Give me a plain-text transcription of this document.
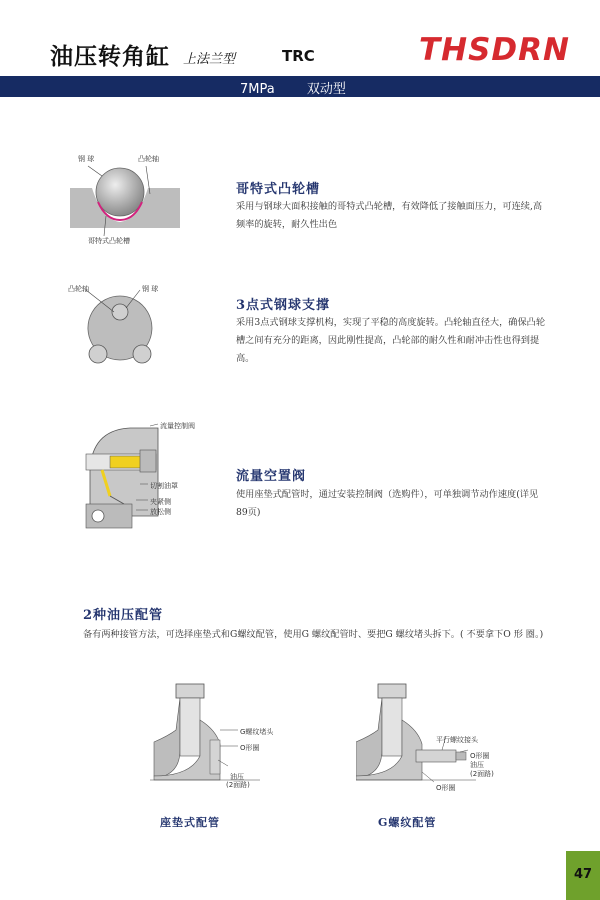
油压转角缸 上法兰型	TRC	THSDRN
7MPa 双动型
钢 球	凸轮轴
哥特式凸轮槽
哥特式凸轮槽
采用与钢球大面积接触的哥特式凸轮槽，有效降低了接触面压力，可连续,高频率的旋转，耐久性出色
凸轮轴	钢 球
3点式钢球支撑
采用3点式钢球支撑机构，实现了平稳的高度旋转。凸轮轴直径大，确保凸轮槽之间有充分的距离，因此刚性提高，凸轮部的耐久性和耐冲击性也得到提高。
流量控制阀
切割油罩
夹紧侧
放松侧
流量空置阀
使用座垫式配管时，通过安装控制阀（选购件），可单独调节动作速度(详见89页)
2种油压配管
备有两种接管方法，可选择座垫式和G螺纹配管，使用G 螺纹配管时、要把G 螺纹堵头拆下。( 不要拿下O 形 圈。)
G螺纹堵头
O形圈
油压
(2面路)
座垫式配管
平行螺纹接头
O形圈
油压
(2面路)
O形圈
G螺纹配管
47
